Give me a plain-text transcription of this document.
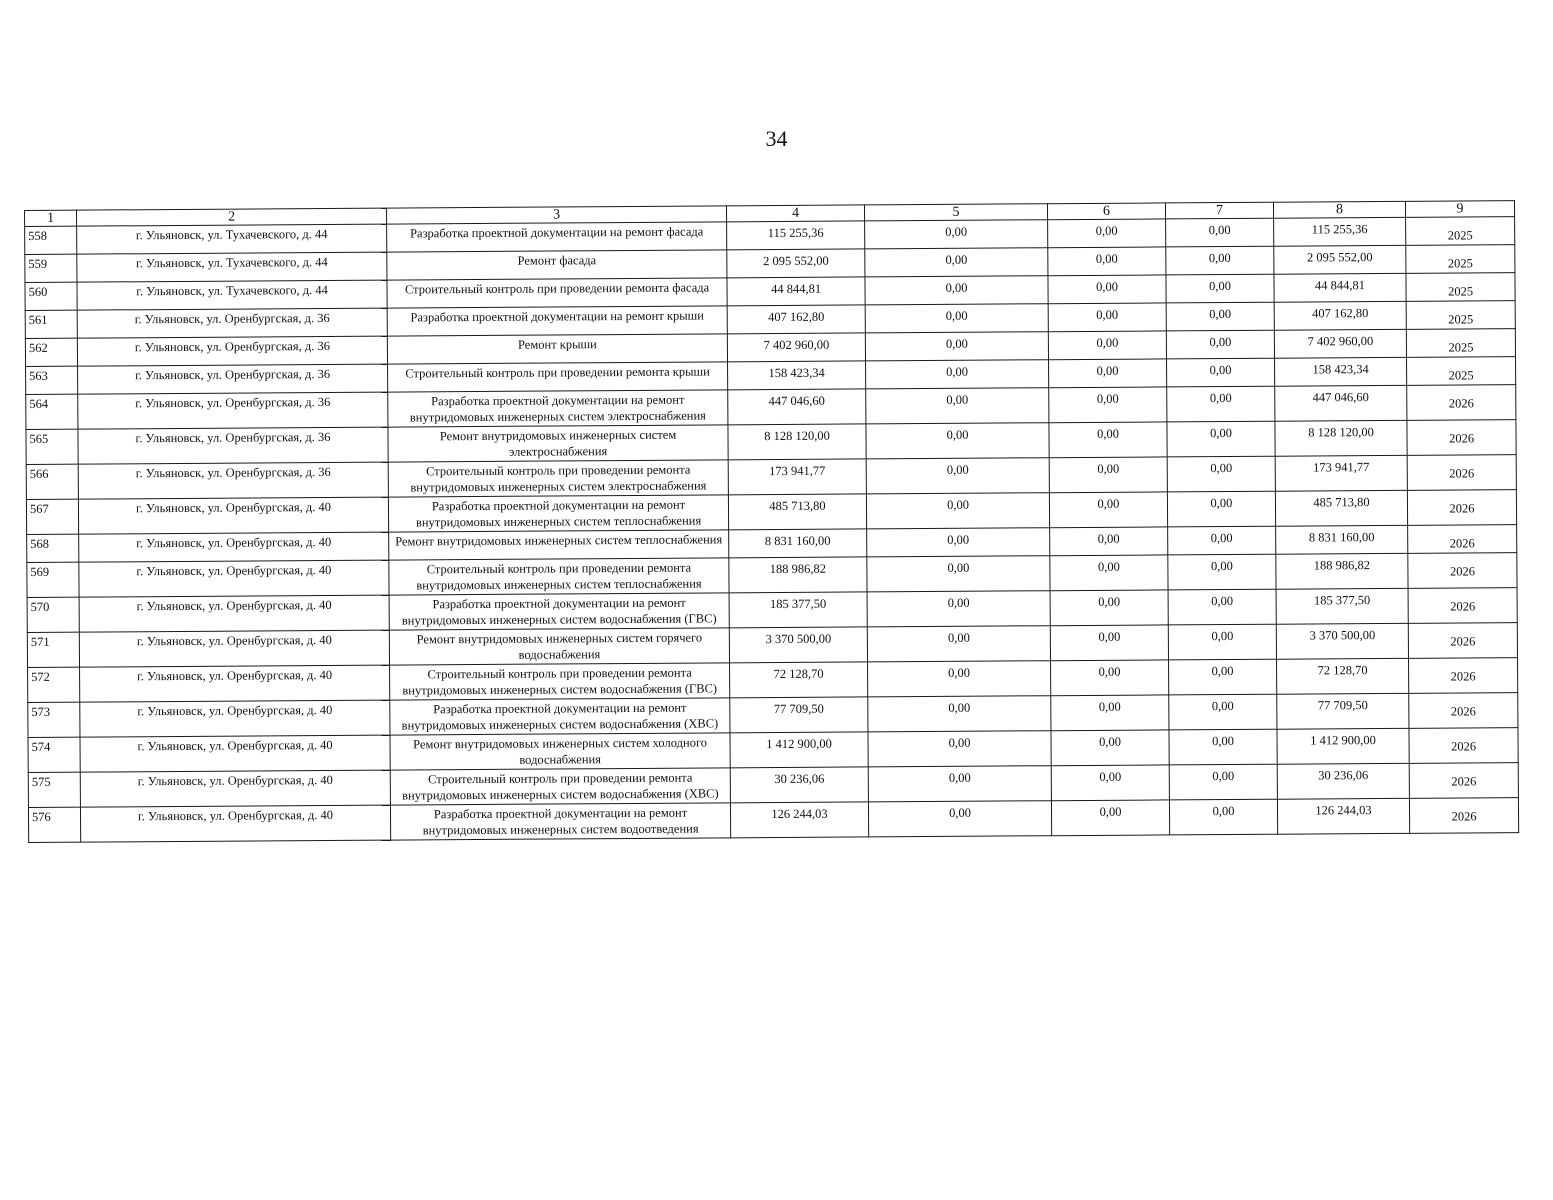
34
1	2	3	4	5	6	7	8	9
558	г. Ульяновск, ул. Тухачевского, д. 44	Разработка проектной документации на ремонт фасада	115 255,36	0,00	0,00	0,00	115 255,36	2025
559	г. Ульяновск, ул. Тухачевского, д. 44	Ремонт фасада	2 095 552,00	0,00	0,00	0,00	2 095 552,00	2025
560	г. Ульяновск, ул. Тухачевского, д. 44	Строительный контроль при проведении ремонта фасада	44 844,81	0,00	0,00	0,00	44 844,81	2025
561	г. Ульяновск, ул. Оренбургская, д. 36	Разработка проектной документации на ремонт крыши	407 162,80	0,00	0,00	0,00	407 162,80	2025
562	г. Ульяновск, ул. Оренбургская, д. 36	Ремонт крыши	7 402 960,00	0,00	0,00	0,00	7 402 960,00	2025
563	г. Ульяновск, ул. Оренбургская, д. 36	Строительный контроль при проведении ремонта крыши	158 423,34	0,00	0,00	0,00	158 423,34	2025
564	г. Ульяновск, ул. Оренбургская, д. 36	Разработка проектной документации на ремонт внутридомовых инженерных систем электроснабжения	447 046,60	0,00	0,00	0,00	447 046,60	2026
565	г. Ульяновск, ул. Оренбургская, д. 36	Ремонт внутридомовых инженерных систем электроснабжения	8 128 120,00	0,00	0,00	0,00	8 128 120,00	2026
566	г. Ульяновск, ул. Оренбургская, д. 36	Строительный контроль при проведении ремонта внутридомовых инженерных систем электроснабжения	173 941,77	0,00	0,00	0,00	173 941,77	2026
567	г. Ульяновск, ул. Оренбургская, д. 40	Разработка проектной документации на ремонт внутридомовых инженерных систем теплоснабжения	485 713,80	0,00	0,00	0,00	485 713,80	2026
568	г. Ульяновск, ул. Оренбургская, д. 40	Ремонт внутридомовых инженерных систем теплоснабжения	8 831 160,00	0,00	0,00	0,00	8 831 160,00	2026
569	г. Ульяновск, ул. Оренбургская, д. 40	Строительный контроль при проведении ремонта внутридомовых инженерных систем теплоснабжения	188 986,82	0,00	0,00	0,00	188 986,82	2026
570	г. Ульяновск, ул. Оренбургская, д. 40	Разработка проектной документации на ремонт внутридомовых инженерных систем водоснабжения (ГВС)	185 377,50	0,00	0,00	0,00	185 377,50	2026
571	г. Ульяновск, ул. Оренбургская, д. 40	Ремонт внутридомовых инженерных систем горячего водоснабжения	3 370 500,00	0,00	0,00	0,00	3 370 500,00	2026
572	г. Ульяновск, ул. Оренбургская, д. 40	Строительный контроль при проведении ремонта внутридомовых инженерных систем водоснабжения (ГВС)	72 128,70	0,00	0,00	0,00	72 128,70	2026
573	г. Ульяновск, ул. Оренбургская, д. 40	Разработка проектной документации на ремонт внутридомовых инженерных систем водоснабжения (ХВС)	77 709,50	0,00	0,00	0,00	77 709,50	2026
574	г. Ульяновск, ул. Оренбургская, д. 40	Ремонт внутридомовых инженерных систем холодного водоснабжения	1 412 900,00	0,00	0,00	0,00	1 412 900,00	2026
575	г. Ульяновск, ул. Оренбургская, д. 40	Строительный контроль при проведении ремонта внутридомовых инженерных систем водоснабжения (ХВС)	30 236,06	0,00	0,00	0,00	30 236,06	2026
576	г. Ульяновск, ул. Оренбургская, д. 40	Разработка проектной документации на ремонт внутридомовых инженерных систем водоотведения	126 244,03	0,00	0,00	0,00	126 244,03	2026
